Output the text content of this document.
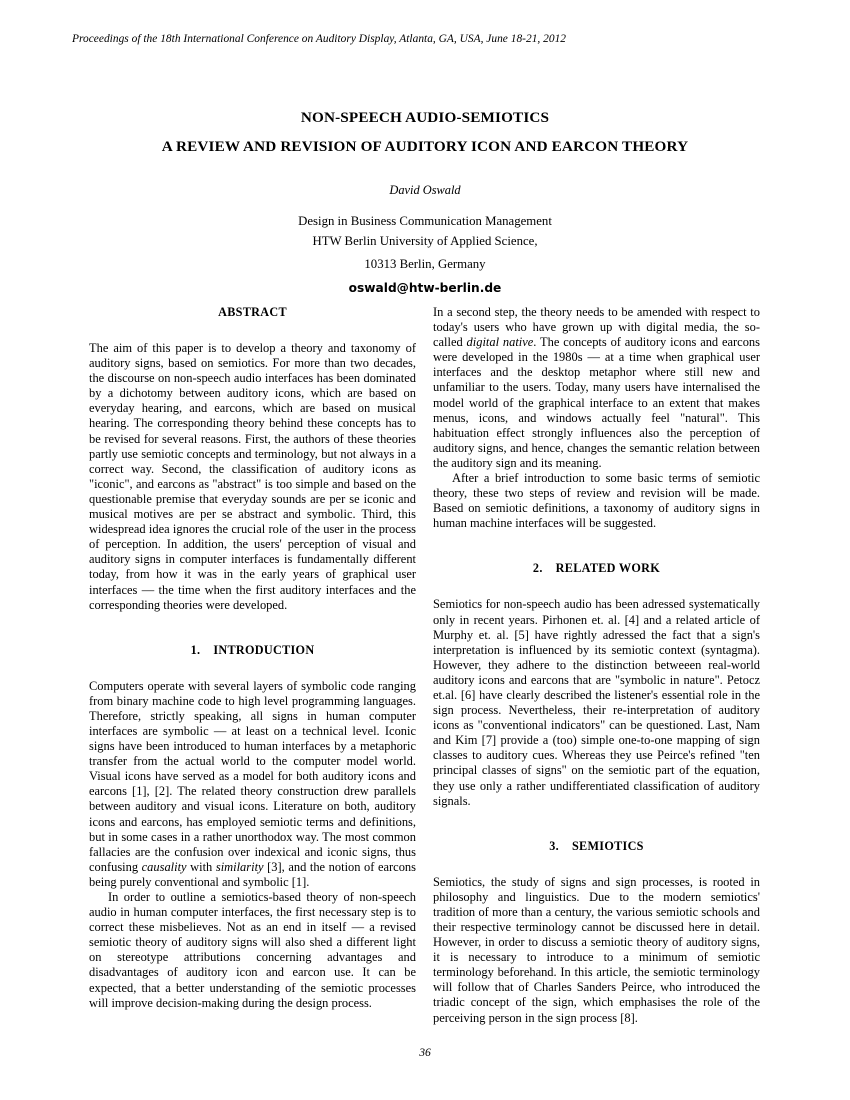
Proceedings of the 18th International Conference on Auditory Display, Atlanta, GA, USA, June 18-21, 2012
NON-SPEECH AUDIO-SEMIOTICS
A REVIEW AND REVISION OF AUDITORY ICON AND EARCON THEORY
David Oswald
Design in Business Communication Management
HTW Berlin University of Applied Science,
10313 Berlin, Germany
oswald@htw-berlin.de
ABSTRACT

The aim of this paper is to develop a theory and taxonomy of auditory signs, based on semiotics. For more than two decades, the discourse on non-speech audio interfaces has been dominated by a dichotomy between auditory icons, which are based on everyday hearing, and earcons, which are based on musical hearing. The corresponding theory behind these concepts has to be revised for several reasons. First, the authors of these theories partly use semiotic concepts and terminology, but not always in a correct way. Second, the classification of auditory icons as "iconic", and earcons as "abstract" is too simple and based on the questionable premise that everyday sounds are per se iconic and musical motives are per se abstract and symbolic. Third, this widespread idea ignores the crucial role of the user in the process of perception. In addition, the users' perception of visual and auditory signs in computer interfaces is fundamentally different today, from how it was in the early years of graphical user interfaces — the time when the first auditory interfaces and the corresponding theories were developed.

1. INTRODUCTION

Computers operate with several layers of symbolic code ranging from binary machine code to high level programming languages. Therefore, strictly speaking, all signs in human computer interfaces are symbolic — at least on a technical level. Iconic signs have been introduced to human interfaces by a metaphoric transfer from the actual world to the computer model world. Visual icons have served as a model for both auditory icons and earcons [1], [2]. The related theory construction drew parallels between auditory and visual icons. Literature on both, auditory icons and earcons, has employed semiotic terms and definitions, but in some cases in a rather unorthodox way. The most common fallacies are the confusion over indexical and iconic signs, thus confusing causality with similarity [3], and the notion of earcons being purely conventional and symbolic [1].

In order to outline a semiotics-based theory of non-speech audio in human computer interfaces, the first necessary step is to correct these misbelieves. Not as an end in itself — a revised semiotic theory of auditory signs will also shed a different light on stereotype attributions concerning advantages and disadvantages of auditory icon and earcon use. It can be expected, that a better understanding of the semiotic processes will improve decision-making during the design process.

In a second step, the theory needs to be amended with respect to today's users who have grown up with digital media, the so-called digital native. The concepts of auditory icons and earcons were developed in the 1980s — at a time when graphical user interfaces and the desktop metaphor where still new and unfamiliar to the users. Today, many users have internalised the model world of the graphical interface to an extent that makes menus, icons, and windows actually feel "natural". This habituation effect strongly influences also the perception of auditory signs, and hence, changes the semantic relation between the auditory sign and its meaning.

After a brief introduction to some basic terms of semiotic theory, these two steps of review and revision will be made. Based on semiotic definitions, a taxonomy of auditory signs in human machine interfaces will be suggested.

2. RELATED WORK

Semiotics for non-speech audio has been adressed systematically only in recent years. Pirhonen et. al. [4] and a related article of Murphy et. al. [5] have rightly adressed the fact that a sign's interpretation is influenced by its semiotic context (syntagma). However, they adhere to the distinction betweeen real-world auditory icons and earcons that are "symbolic in nature". Petocz et.al. [6] have clearly described the listener's essential role in the sign process. Nevertheless, their re-interpretation of auditory icons as "conventional indicators" can be questioned. Last, Nam and Kim [7] provide a (too) simple one-to-one mapping of sign classes to auditory cues. Whereas they use Peirce's refined "ten principal classes of signs" on the semiotic part of the equation, they use only a rather undifferentiated classification of auditory signals.

3. SEMIOTICS

Semiotics, the study of signs and sign processes, is rooted in philosophy and linguistics. Due to the modern semiotics' tradition of more than a century, the various semiotic schools and their respective terminology cannot be discussed here in detail. However, in order to discuss a semiotic theory of auditory signs, it is necessary to introduce to a minimum of semiotic terminology beforehand. In this article, the semiotic terminology will follow that of Charles Sanders Peirce, who introduced the triadic concept of the sign, which emphasises the role of the perceiving person in the sign process [8].

36
